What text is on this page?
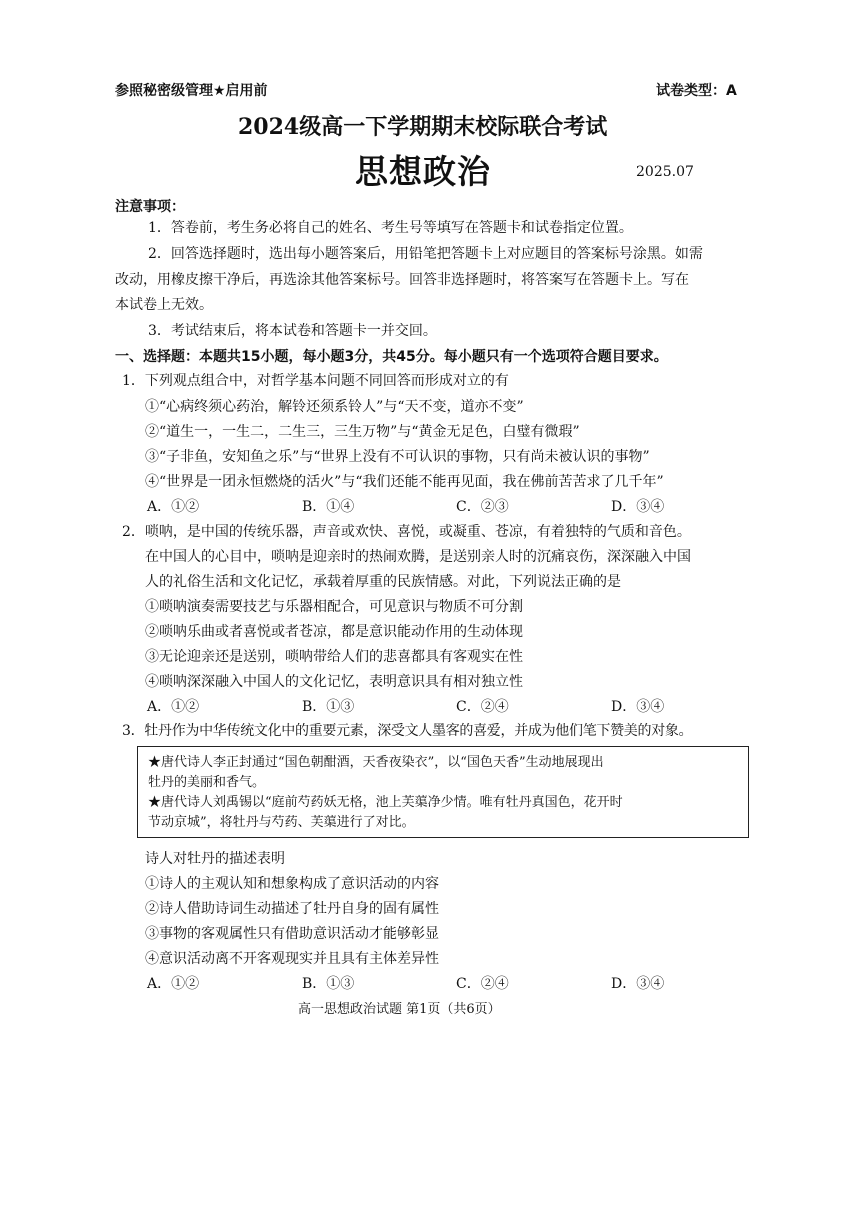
参照秘密级管理★启用前	试卷类型：A
2024级高一下学期期末校际联合考试
思想政治	2025.07
注意事项：
1．答卷前，考生务必将自己的姓名、考生号等填写在答题卡和试卷指定位置。
2．回答选择题时，选出每小题答案后，用铅笔把答题卡上对应题目的答案标号涂黑。如需
改动，用橡皮擦干净后，再选涂其他答案标号。回答非选择题时，将答案写在答题卡上。写在
本试卷上无效。
3．考试结束后，将本试卷和答题卡一并交回。
一、选择题：本题共15小题，每小题3分，共45分。每小题只有一个选项符合题目要求。
1．下列观点组合中，对哲学基本问题不同回答而形成对立的有
①“心病终须心药治，解铃还须系铃人”与“天不变，道亦不变”
②“道生一，一生二，二生三，三生万物”与“黄金无足色，白璧有微瑕”
③“子非鱼，安知鱼之乐”与“世界上没有不可认识的事物，只有尚未被认识的事物”
④“世界是一团永恒燃烧的活火”与“我们还能不能再见面，我在佛前苦苦求了几千年”
A．①②	B．①④	C．②③	D．③④
2．唢呐，是中国的传统乐器，声音或欢快、喜悦，或凝重、苍凉，有着独特的气质和音色。
在中国人的心目中，唢呐是迎亲时的热闹欢腾，是送别亲人时的沉痛哀伤，深深融入中国
人的礼俗生活和文化记忆，承载着厚重的民族情感。对此，下列说法正确的是
①唢呐演奏需要技艺与乐器相配合，可见意识与物质不可分割
②唢呐乐曲或者喜悦或者苍凉，都是意识能动作用的生动体现
③无论迎亲还是送别，唢呐带给人们的悲喜都具有客观实在性
④唢呐深深融入中国人的文化记忆，表明意识具有相对独立性
A．①②	B．①③	C．②④	D．③④
3．牡丹作为中华传统文化中的重要元素，深受文人墨客的喜爱，并成为他们笔下赞美的对象。
★唐代诗人李正封通过“国色朝酣酒，天香夜染衣”，以“国色天香”生动地展现出
牡丹的美丽和香气。
★唐代诗人刘禹锡以“庭前芍药妖无格，池上芙蕖净少情。唯有牡丹真国色，花开时
节动京城”，将牡丹与芍药、芙蕖进行了对比。
诗人对牡丹的描述表明
①诗人的主观认知和想象构成了意识活动的内容
②诗人借助诗词生动描述了牡丹自身的固有属性
③事物的客观属性只有借助意识活动才能够彰显
④意识活动离不开客观现实并且具有主体差异性
A．①②	B．①③	C．②④	D．③④
高一思想政治试题 第1页（共6页）
